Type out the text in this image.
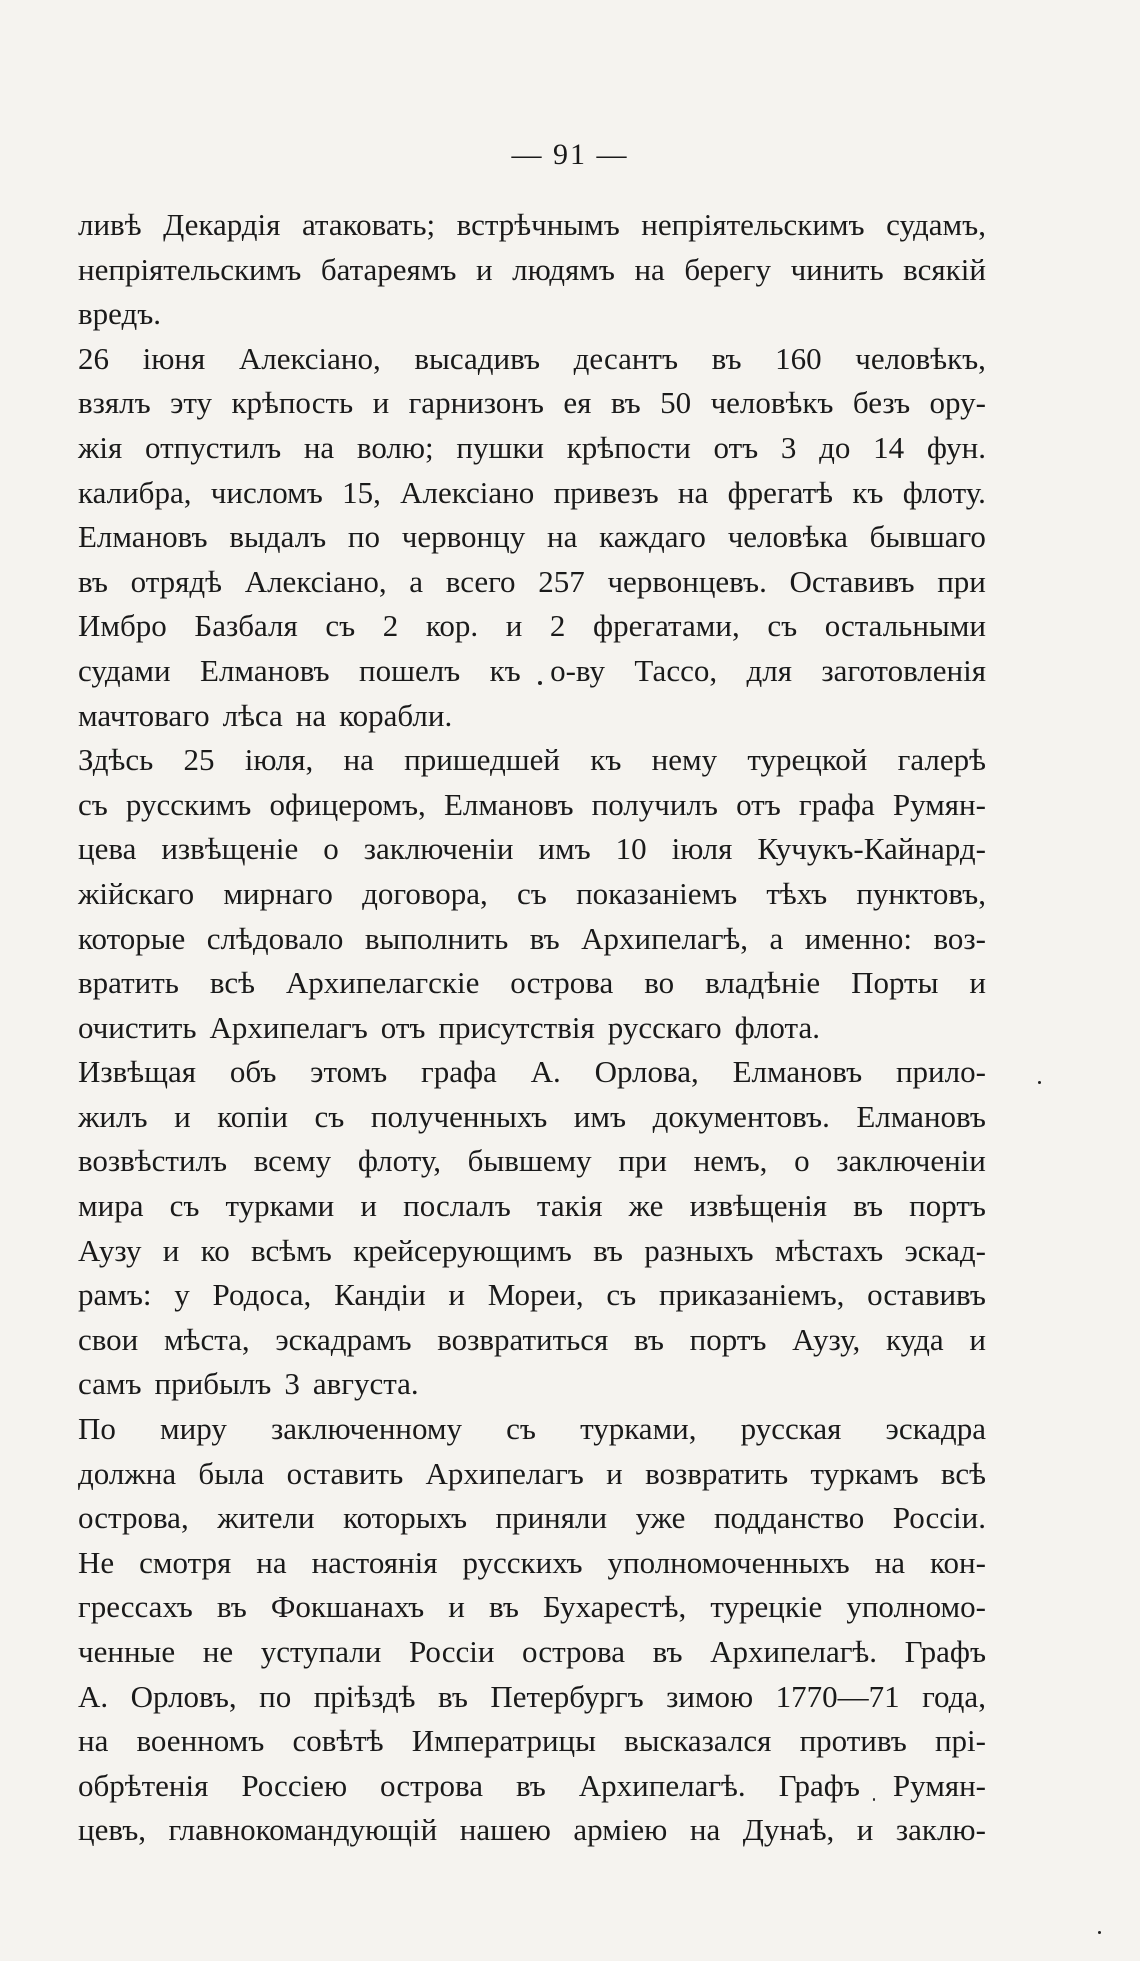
— 91 —
ливѣ Декардія атаковать; встрѣчнымъ непріятельскимъ судамъ,
непріятельскимъ батареямъ и людямъ на берегу чинить всякій
вредъ.
26 іюня Алексіано, высадивъ десантъ въ 160 человѣкъ,
взялъ эту крѣпость и гарнизонъ ея въ 50 человѣкъ безъ ору-
жія отпустилъ на волю; пушки крѣпости отъ 3 до 14 фун.
калибра, числомъ 15, Алексіано привезъ на фрегатѣ къ флоту.
Елмановъ выдалъ по червонцу на каждаго человѣка бывшаго
въ отрядѣ Алексіано, а всего 257 червонцевъ. Оставивъ при
Имбро Базбаля съ 2 кор. и 2 фрегатами, съ остальными
судами Елмановъ пошелъ къ о-ву Тассо, для заготовленія
мачтоваго лѣса на корабли.
Здѣсь 25 іюля, на пришедшей къ нему турецкой галерѣ
съ русскимъ офицеромъ, Елмановъ получилъ отъ графа Румян-
цева извѣщеніе о заключеніи имъ 10 іюля Кучукъ-Кайнард-
жійскаго мирнаго договора, съ показаніемъ тѣхъ пунктовъ,
которые слѣдовало выполнить въ Архипелагѣ, а именно: воз-
вратить всѣ Архипелагскіе острова во владѣніе Порты и
очистить Архипелагъ отъ присутствія русскаго флота.
Извѣщая объ этомъ графа А. Орлова, Елмановъ прило-
жилъ и копіи съ полученныхъ имъ документовъ. Елмановъ
возвѣстилъ всему флоту, бывшему при немъ, о заключеніи
мира съ турками и послалъ такія же извѣщенія въ портъ
Аузу и ко всѣмъ крейсерующимъ въ разныхъ мѣстахъ эскад-
рамъ: у Родоса, Кандіи и Мореи, съ приказаніемъ, оставивъ
свои мѣста, эскадрамъ возвратиться въ портъ Аузу, куда и
самъ прибылъ 3 августа.
По миру заключенному съ турками, русская эскадра
должна была оставить Архипелагъ и возвратить туркамъ всѣ
острова, жители которыхъ приняли уже подданство Россіи.
Не смотря на настоянія русскихъ уполномоченныхъ на кон-
грессахъ въ Фокшанахъ и въ Бухарестѣ, турецкіе уполномо-
ченные не уступали Россіи острова въ Архипелагѣ. Графъ
А. Орловъ, по пріѣздѣ въ Петербургъ зимою 1770—71 года,
на военномъ совѣтѣ Императрицы высказался противъ прі-
обрѣтенія Россіею острова въ Архипелагѣ. Графъ Румян-
цевъ, главнокомандующій нашею арміею на Дунаѣ, и заклю-
